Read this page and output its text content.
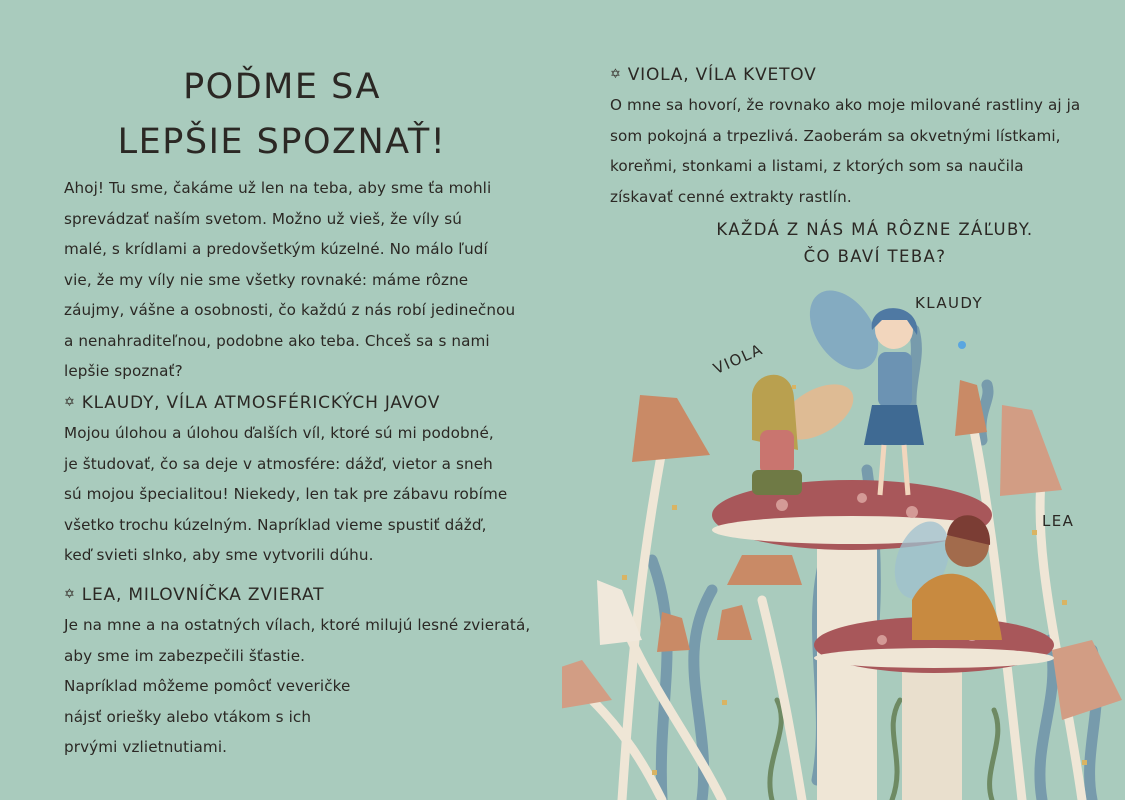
POĎME SA
LEPŠIE SPOZNAŤ!
Ahoj! Tu sme, čakáme už len na teba, aby sme ťa mohli
sprevádzať naším svetom. Možno už vieš, že víly sú
malé, s krídlami a predovšetkým kúzelné. No málo ľudí
vie, že my víly nie sme všetky rovnaké: máme rôzne
záujmy, vášne a osobnosti, čo každú z nás robí jedinečnou
a nenahraditeľnou, podobne ako teba. Chceš sa s nami
lepšie spoznať?
✡ KLAUDY, VÍLA ATMOSFÉRICKÝCH JAVOV
Mojou úlohou a úlohou ďalších víl, ktoré sú mi podobné,
je študovať, čo sa deje v atmosfére: dážď, vietor a sneh
sú mojou špecialitou! Niekedy, len tak pre zábavu robíme
všetko trochu kúzelným. Napríklad vieme spustiť dážď,
keď svieti slnko, aby sme vytvorili dúhu.
✡ LEA, MILOVNÍČKA ZVIERAT
Je na mne a na ostatných vílach, ktoré milujú lesné zvieratá,
aby sme im zabezpečili šťastie.
Napríklad môžeme pomôcť veveričke
nájsť oriešky alebo vtákom s ich
prvými vzlietnutiami.
✡ VIOLA, VÍLA KVETOV
O mne sa hovorí, že rovnako ako moje milované rastliny aj ja
som pokojná a trpezlivá. Zaoberám sa okvetnými lístkami,
koreňmi, stonkami a listami, z ktorých som sa naučila
získavať cenné extrakty rastlín.
KAŽDÁ Z NÁS MÁ RÔZNE ZÁĽUBY.
ČO BAVÍ TEBA?
KLAUDY
VIOLA
LEA
